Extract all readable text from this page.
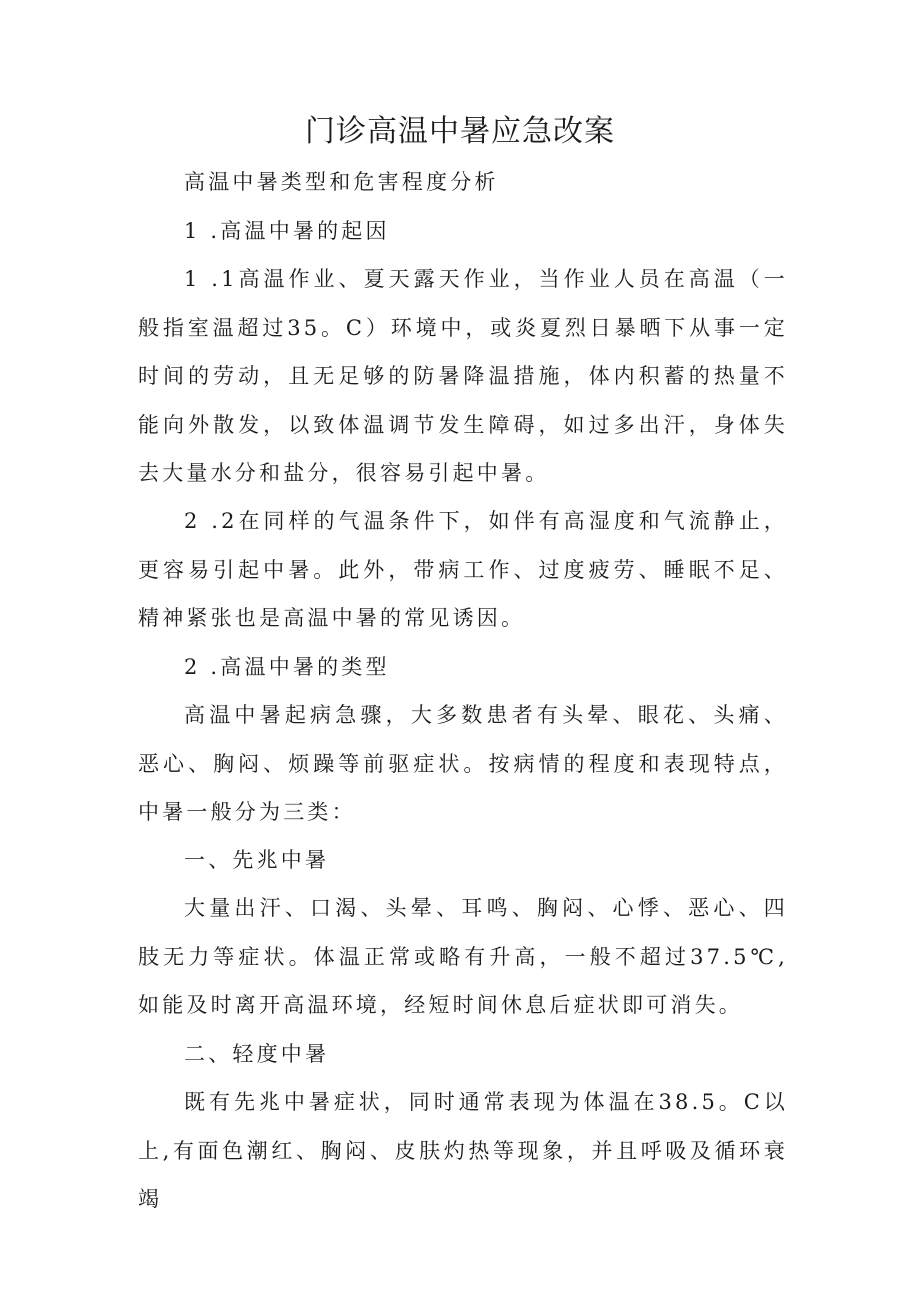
门诊高温中暑应急改案

高温中暑类型和危害程度分析

1 .高温中暑的起因

1 .1高温作业、夏天露天作业，当作业人员在高温（一般指室温超过35。C）环境中，或炎夏烈日暴晒下从事一定时间的劳动，且无足够的防暑降温措施，体内积蓄的热量不能向外散发，以致体温调节发生障碍，如过多出汗，身体失去大量水分和盐分，很容易引起中暑。

2 .2在同样的气温条件下，如伴有高湿度和气流静止，更容易引起中暑。此外，带病工作、过度疲劳、睡眠不足、精神紧张也是高温中暑的常见诱因。

2 .高温中暑的类型

高温中暑起病急骤，大多数患者有头晕、眼花、头痛、恶心、胸闷、烦躁等前驱症状。按病情的程度和表现特点，中暑一般分为三类：

一、先兆中暑

大量出汗、口渴、头晕、耳鸣、胸闷、心悸、恶心、四肢无力等症状。体温正常或略有升高，一般不超过37.5℃,如能及时离开高温环境，经短时间休息后症状即可消失。

二、轻度中暑

既有先兆中暑症状，同时通常表现为体温在38.5。C以上,有面色潮红、胸闷、皮肤灼热等现象，并且呼吸及循环衰竭
